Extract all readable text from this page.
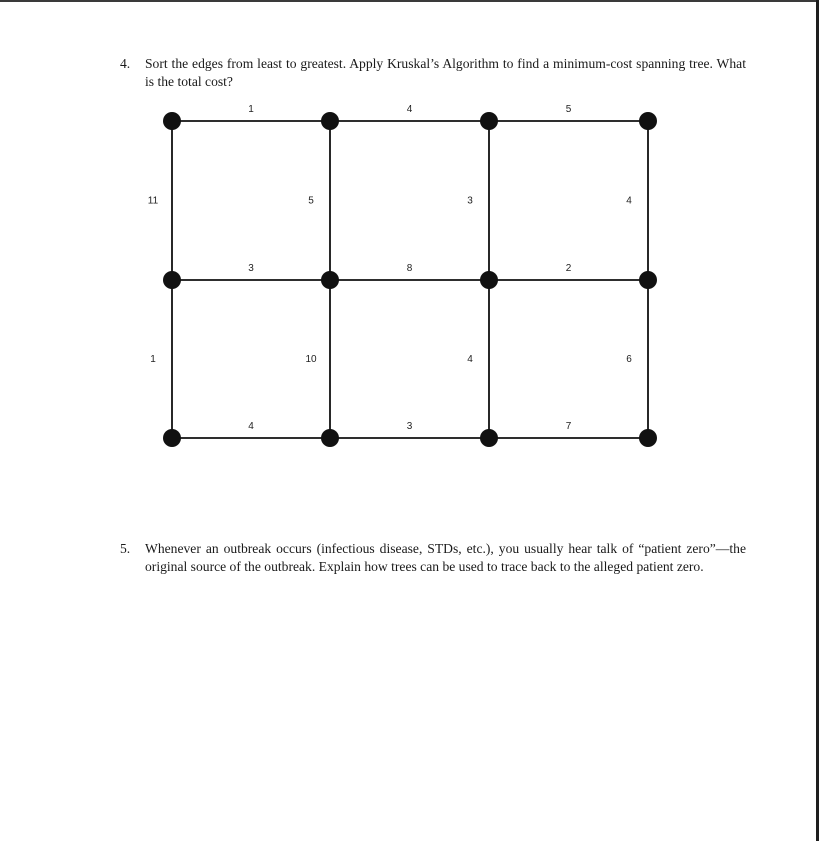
4. Sort the edges from least to greatest. Apply Kruskal’s Algorithm to find a minimum-cost spanning tree. What is the total cost?
1	4	5
3	8	2
4	3	7
11	5	3	4
1	10	4	6
5. Whenever an outbreak occurs (infectious disease, STDs, etc.), you usually hear talk of “patient zero”—the original source of the outbreak. Explain how trees can be used to trace back to the alleged patient zero.
